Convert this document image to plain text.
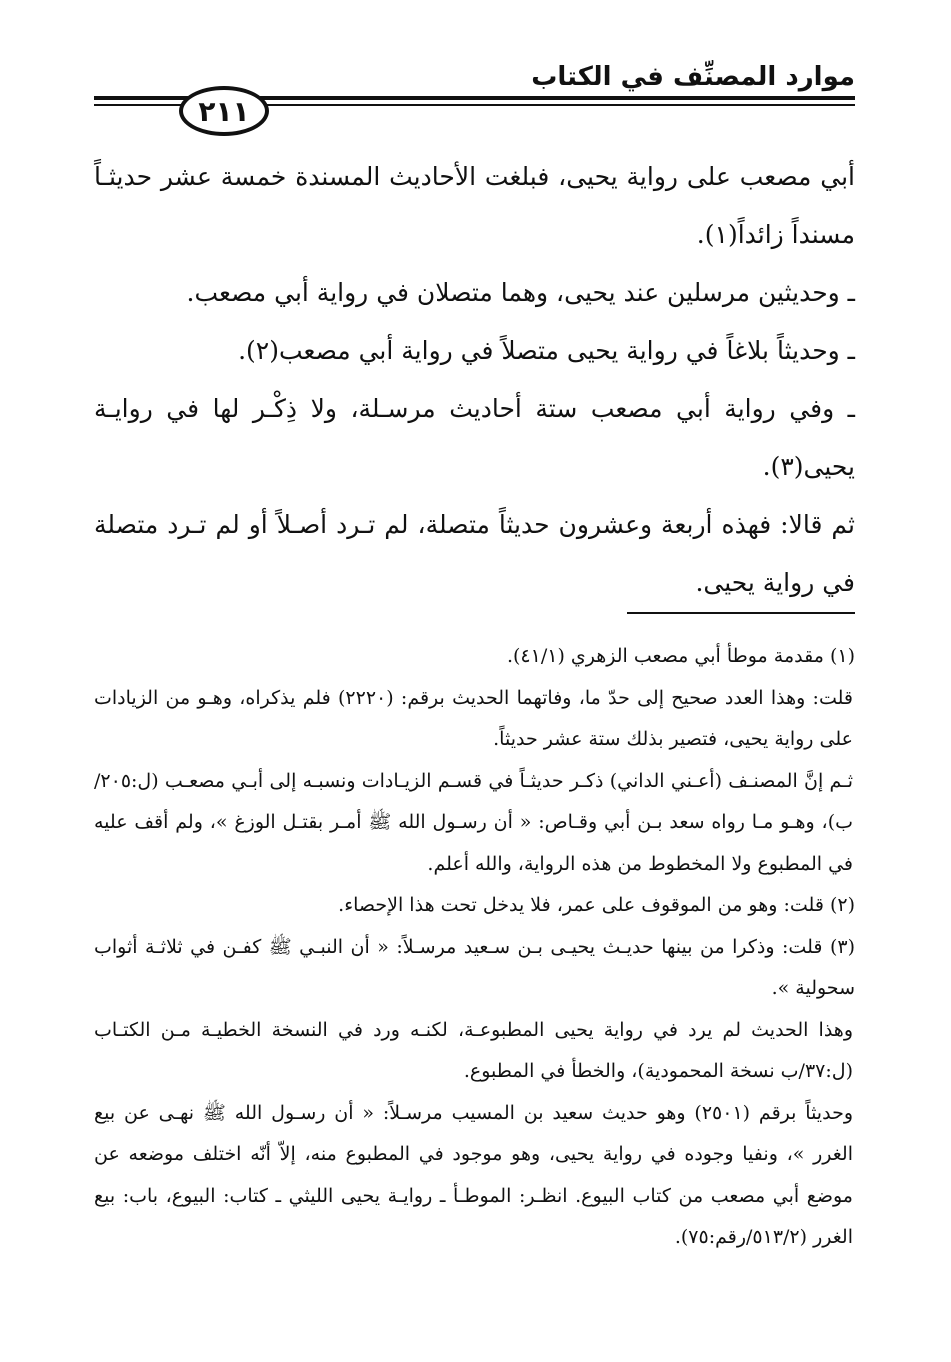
موارد المصنِّف في الكتاب
٢١١

أبي مصعب على رواية يحيى، فبلغت الأحاديث المسندة خمسة عشر حديثـاً مسنداً زائداً(١).

ـ وحديثين مرسلين عند يحيى، وهما متصلان في رواية أبي مصعب.

ـ وحديثاً بلاغاً في رواية يحيى متصلاً في رواية أبي مصعب(٢).

ـ وفي رواية أبي مصعب ستة أحاديث مرسـلة، ولا ذِكْـر لها في روايـة يحيى(٣).

ثم قالا: فهذه أربعة وعشرون حديثاً متصلة، لم تـرد أصـلاً أو لم تـرد متصلة في رواية يحيى.

(١) مقدمة موطأ أبي مصعب الزهري (٤١/١).

قلت: وهذا العدد صحيح إلى حدّ ما، وفاتهما الحديث برقم: (٢٢٢٠) فلم يذكراه، وهـو من الزيادات على رواية يحيى، فتصير بذلك ستة عشر حديثاً.

ثـم إنَّ المصنـف (أعـني الداني) ذكـر حديثـاً في قسـم الزيـادات ونسبـه إلى أبـي مصعـب (ل:٢٠٥/ب)، وهـو مـا رواه سعد بـن أبي وقـاص: « أن رسـول الله ﷺ أمـر بقتـل الوزغ »، ولم أقف عليه في المطبوع ولا المخطوط من هذه الرواية، والله أعلم.

(٢) قلت: وهو من الموقوف على عمر، فلا يدخل تحت هذا الإحصاء.

(٣) قلت: وذكرا من بينها حديـث يحيـى بـن سـعيد مرسـلاً: « أن النبـي ﷺ كفـن في ثلاثـة أثواب سحولية ».

وهذا الحديث لم يرد في رواية يحيى المطبوعـة، لكنـه ورد في النسخة الخطيـة مـن الكتـاب (ل:٣٧/ب نسخة المحمودية)، والخطأ في المطبوع.

وحديثاً برقم (٢٥٠١) وهو حديث سعيد بن المسيب مرسـلاً: « أن رسـول الله ﷺ نهـى عن بيع الغرر »، ونفيا وجوده في رواية يحيى، وهو موجود في المطبوع منه، إلاّ أنّه اختلف موضعه عن موضع أبي مصعب من كتاب البيوع. انظـر: الموطـأ ـ روايـة يحيى الليثي ـ كتاب: البيوع، باب: بيع الغرر (٥١٣/٢/رقم:٧٥).
